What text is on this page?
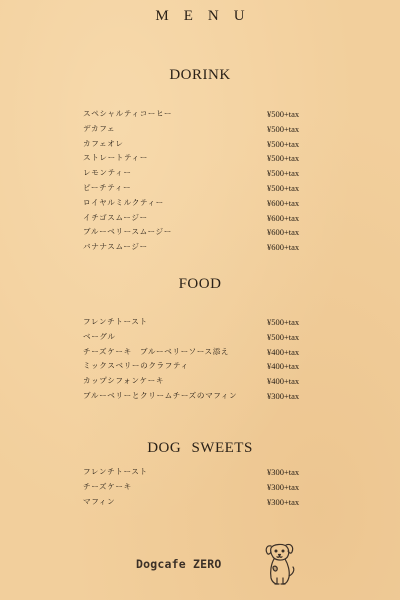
MENU
DORINK
スペシャルティコーヒー	¥500+tax
デカフェ	¥500+tax
カフェオレ	¥500+tax
ストレートティー	¥500+tax
レモンティー	¥500+tax
ピーチティー	¥500+tax
ロイヤルミルクティー	¥600+tax
イチゴスムージー	¥600+tax
ブルーベリースムージー	¥600+tax
バナナスムージー	¥600+tax
FOOD
フレンチトースト	¥500+tax
ベーグル	¥500+tax
チーズケーキ　ブルーベリーソース添え	¥400+tax
ミックスベリーのクラフティ	¥400+tax
カップシフォンケーキ	¥400+tax
ブルーベリーとクリームチーズのマフィン	¥300+tax
DOG SWEETS
フレンチトースト	¥300+tax
チーズケーキ	¥300+tax
マフィン	¥300+tax
Dogcafe ZERO
